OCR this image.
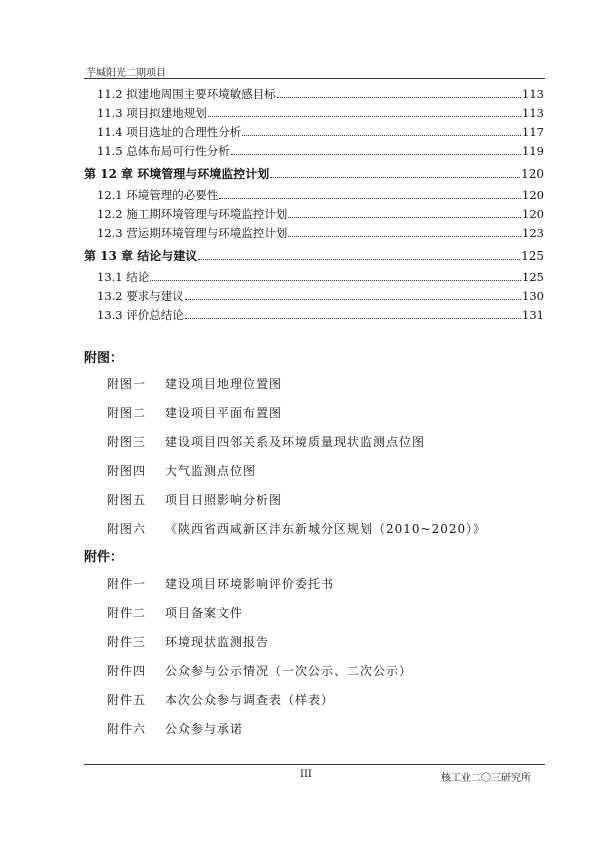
芋堿阳光二期项目
11.2 拟建地周围主要环境敏感目标	113
11.3 项目拟建地规划	113
11.4 项目选址的合理性分析	117
11.5 总体布局可行性分析	119
第 12 章 环境管理与环境监控计划	120
12.1 环境管理的必要性	120
12.2 施工期环境管理与环境监控计划	120
12.3 营运期环境管理与环境监控计划	123
第 13 章 结论与建议	125
13.1 结论	125
13.2 要求与建议	130
13.3 评价总结论	131
附图：
附图一 建设项目地理位置图
附图二 建设项目平面布置图
附图三 建设项目四邻关系及环境质量现状监测点位图
附图四 大气监测点位图
附图五 项目日照影响分析图
附图六 《陕西省西咸新区沣东新城分区规划（2010~2020）》
附件：
附件一 建设项目环境影响评价委托书
附件二 项目备案文件
附件三 环境现状监测报告
附件四 公众参与公示情况（一次公示、二次公示）
附件五 本次公众参与调查表（样表）
附件六 公众参与承诺
III	核工业二〇三研究所
